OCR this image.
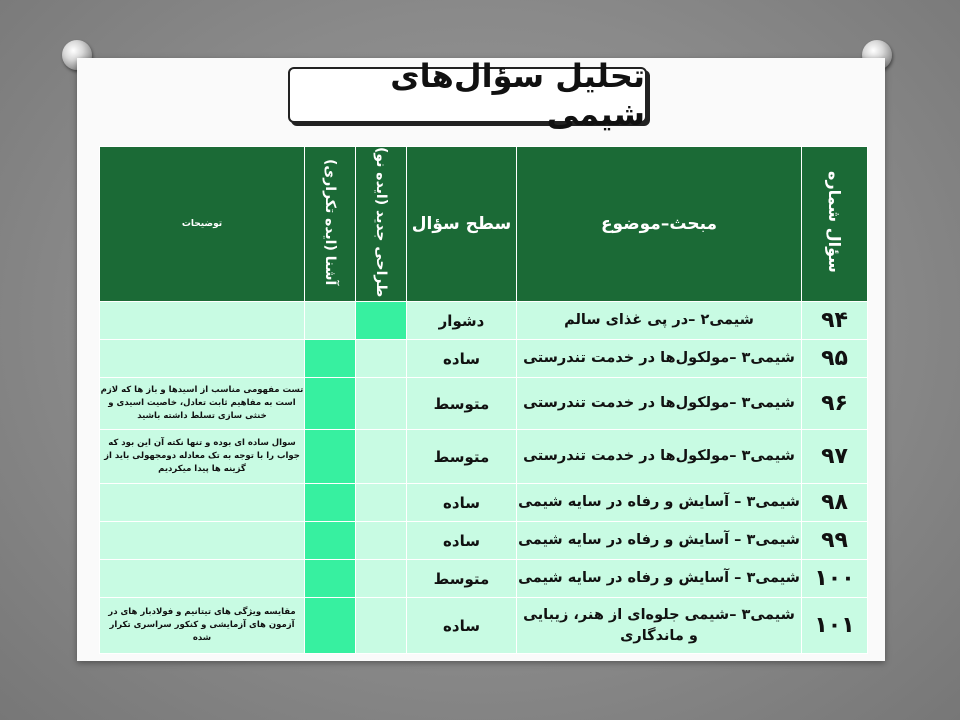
تحلیل سؤال‌های شیمی
سؤال شماره	مبحث–موضوع	سطح سؤال	طراحی جدید (ایده نو)	آشنا (ایده تکراری)	توضیحات
۹۴	شیمی۲ –در پی غذای سالم	دشوار			
۹۵	شیمی۳ –مولکول‌ها در خدمت تندرستی	ساده			
۹۶	شیمی۳ –مولکول‌ها در خدمت تندرستی	متوسط			تست مفهومی مناسب از اسیدها و باز ها که لازم است به مفاهیم ثابت تعادل، خاصیت اسیدی و خنثی سازی تسلط داشته باشید
۹۷	شیمی۳ –مولکول‌ها در خدمت تندرستی	متوسط			سوال ساده ای بوده و تنها نکته آن این بود که جواب را با توجه به تک معادله دومجهولی باید از گزینه ها پیدا میکردیم
۹۸	شیمی۳ – آسایش و رفاه در سایه شیمی	ساده			
۹۹	شیمی۳ – آسایش و رفاه در سایه شیمی	ساده			
۱۰۰	شیمی۳ – آسایش و رفاه در سایه شیمی	متوسط			
۱۰۱	شیمی۳ –شیمی جلوه‌ای از هنر، زیبایی و ماندگاری	ساده			مقایسه ویژگی های تیتانیم و فولادبار های در آزمون های آزمایشی و کنکور سراسری تکرار شده
